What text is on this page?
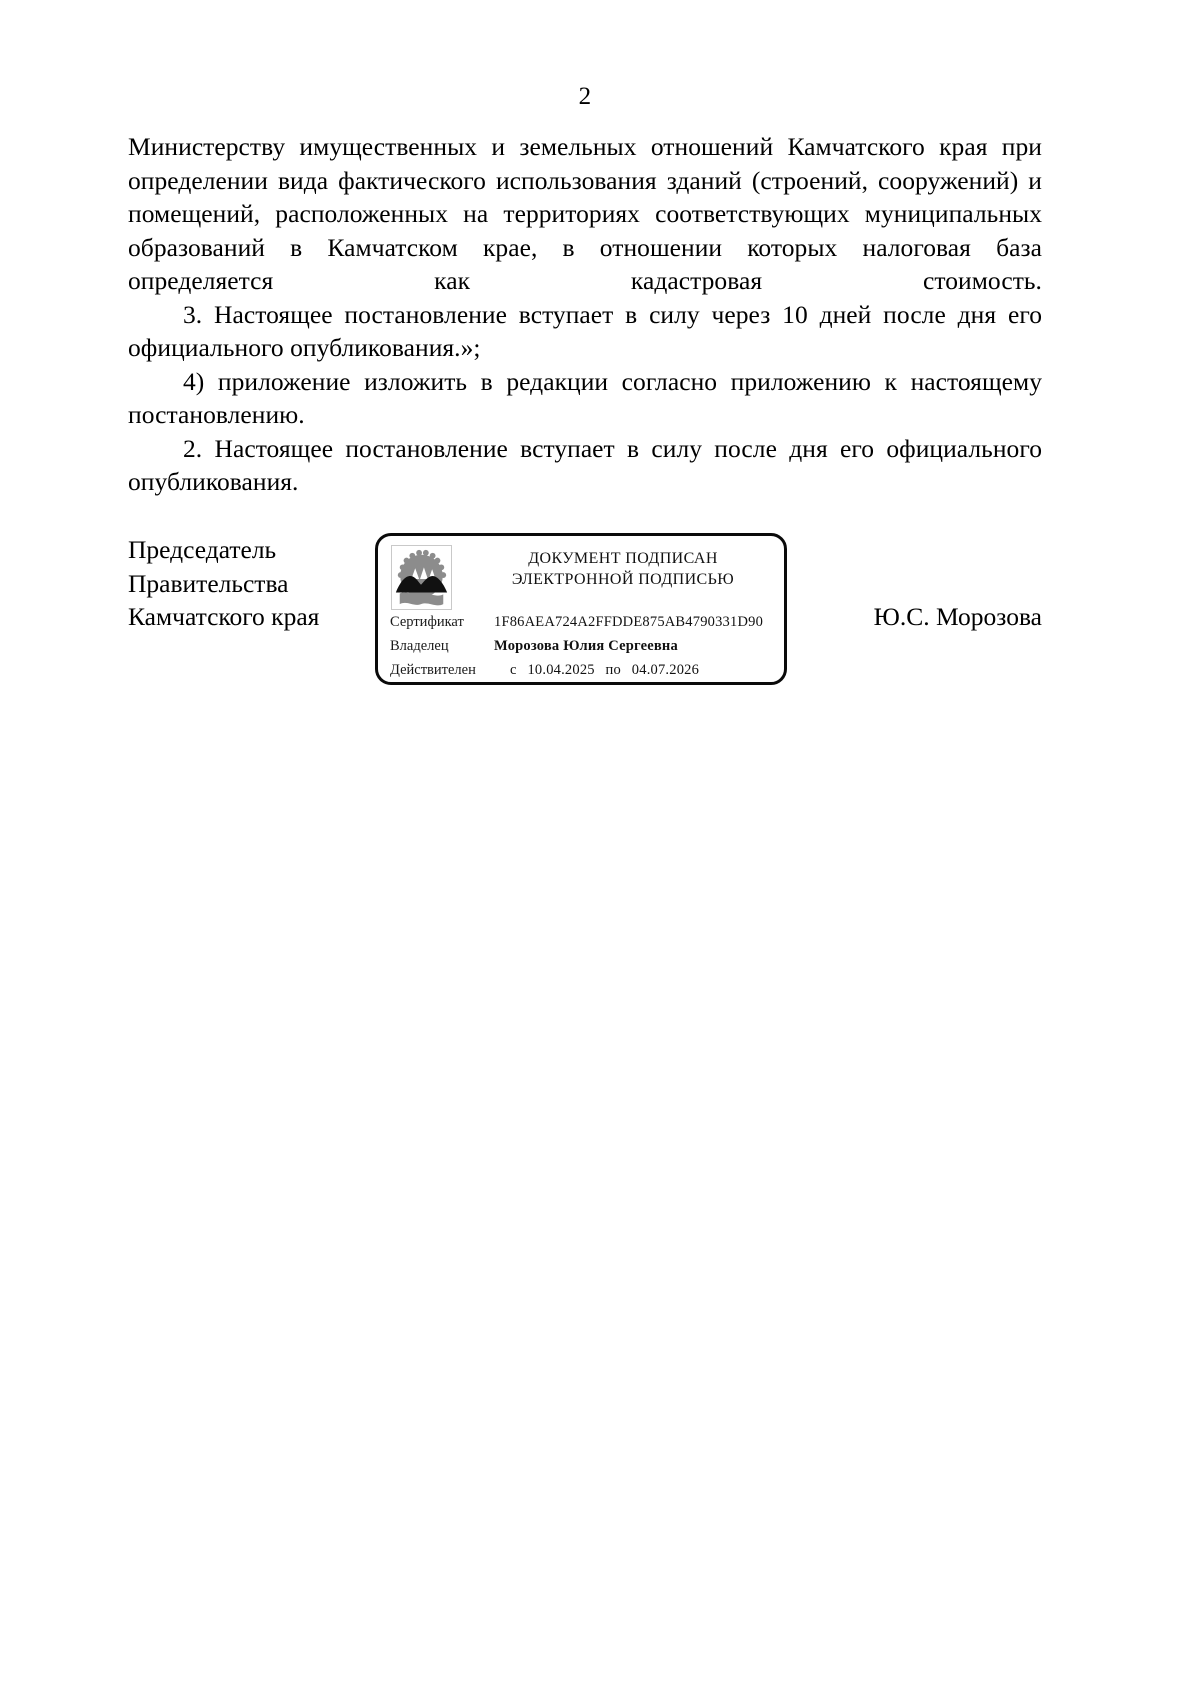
2

Министерству имущественных и земельных отношений Камчатского края при определении вида фактического использования зданий (строений, сооружений) и помещений, расположенных на территориях соответствующих муниципальных образований в Камчатском крае, в отношении которых налоговая база определяется как кадастровая стоимость.

3. Настоящее постановление вступает в силу через 10 дней после дня его официального опубликования.»;

4) приложение изложить в редакции согласно приложению к настоящему постановлению.

2. Настоящее постановление вступает в силу после дня его официального опубликования.

Председатель
Правительства
Камчатского края
ДОКУМЕНТ ПОДПИСАН
ЭЛЕКТРОННОЙ ПОДПИСЬЮ
Сертификат	1F86AEA724A2FFDDE875AB4790331D90
Владелец	Морозова Юлия Сергеевна
Действителен	с 10.04.2025 по 04.07.2026
Ю.С. Морозова
